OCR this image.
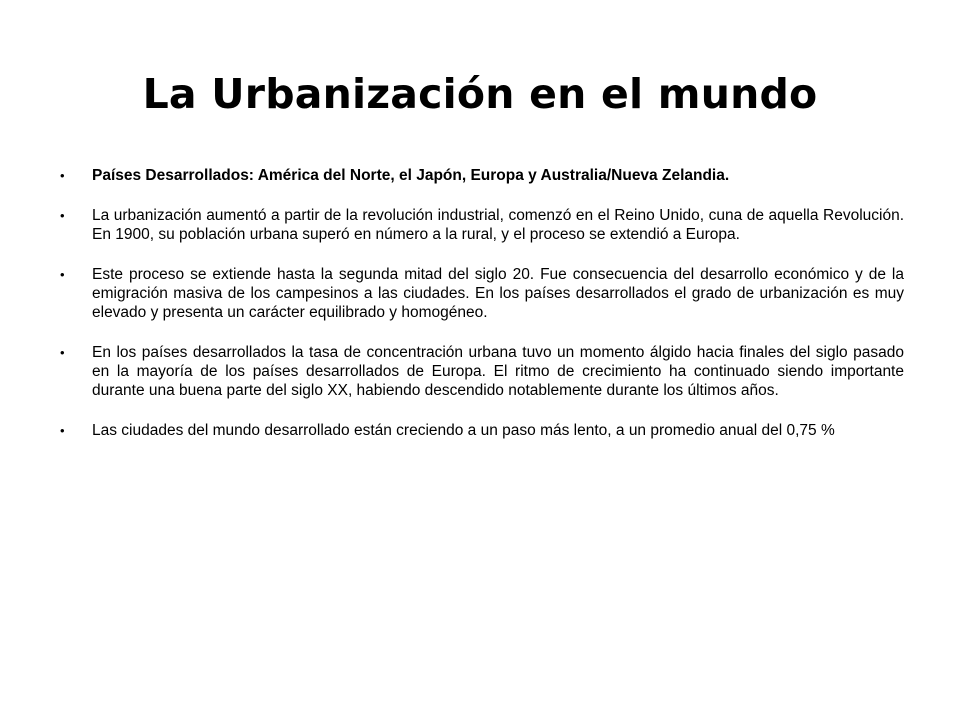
La Urbanización en el mundo
• Países Desarrollados: América del Norte, el Japón, Europa y Australia/Nueva Zelandia.
• La urbanización aumentó a partir de la revolución industrial, comenzó en el Reino Unido, cuna de aquella Revolución. En 1900, su población urbana superó en número a la rural, y el proceso se extendió a Europa.
• Este proceso se extiende hasta la segunda mitad del siglo 20. Fue consecuencia del desarrollo económico y de la emigración masiva de los campesinos a las ciudades. En los países desarrollados el grado de urbanización es muy elevado y presenta un carácter equilibrado y homogéneo.
• En los países desarrollados la tasa de concentración urbana tuvo un momento álgido hacia finales del siglo pasado en la mayoría de los países desarrollados de Europa. El ritmo de crecimiento ha continuado siendo importante durante una buena parte del siglo XX, habiendo descendido notablemente durante los últimos años.
• Las ciudades del mundo desarrollado están creciendo a un paso más lento, a un promedio anual del 0,75 %
